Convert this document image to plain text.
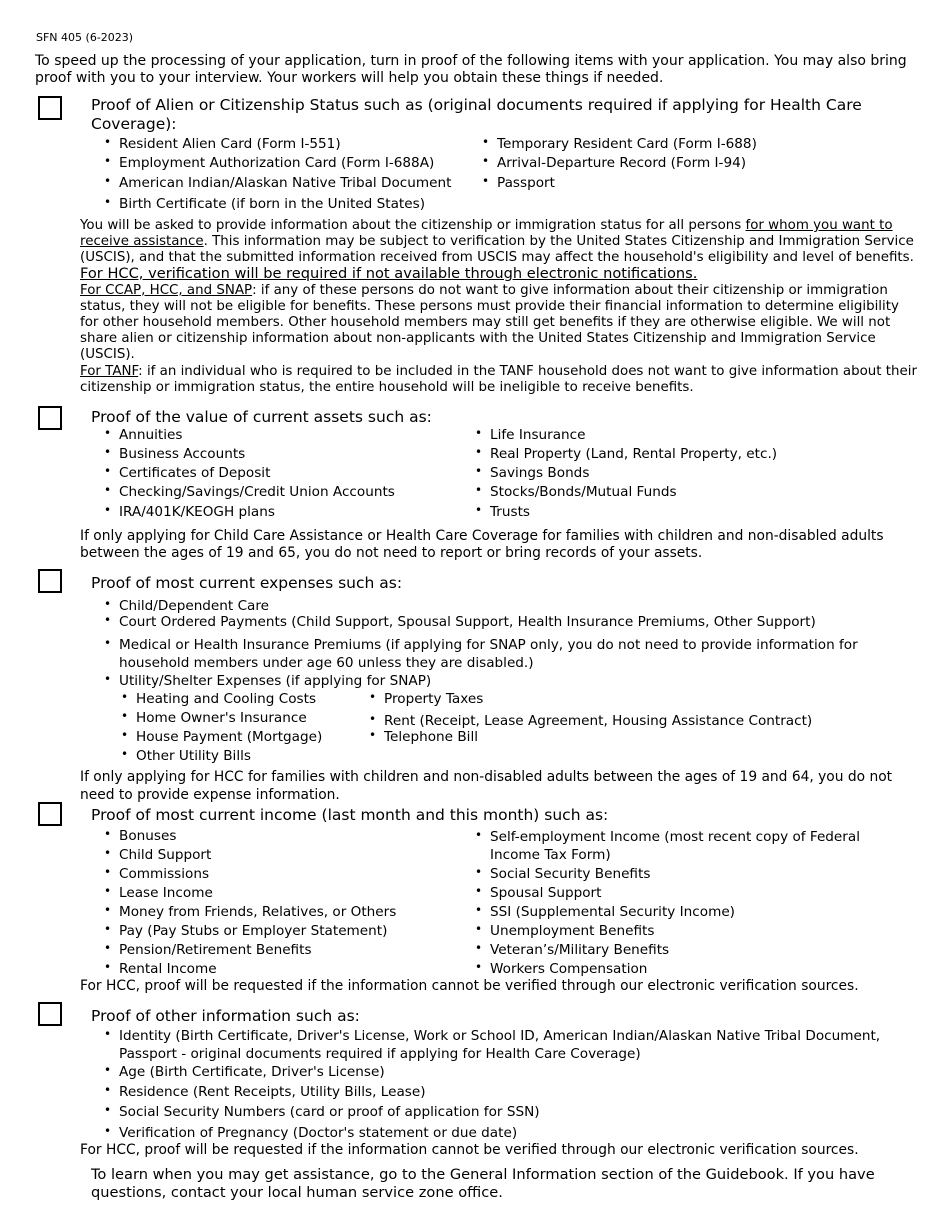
SFN 405 (6-2023)
To speed up the processing of your application, turn in proof of the following items with your application. You may also bring proof with you to your interview. Your workers will help you obtain these things if needed.
Proof of Alien or Citizenship Status such as (original documents required if applying for Health Care Coverage):
• Resident Alien Card (Form I-551)
• Employment Authorization Card (Form I-688A)
• American Indian/Alaskan Native Tribal Document
• Birth Certificate (if born in the United States)
• Temporary Resident Card (Form I-688)
• Arrival-Departure Record (Form I-94)
• Passport
You will be asked to provide information about the citizenship or immigration status for all persons for whom you want to receive assistance. This information may be subject to verification by the United States Citizenship and Immigration Service (USCIS), and that the submitted information received from USCIS may affect the household's eligibility and level of benefits. For HCC, verification will be required if not available through electronic notifications.
For CCAP, HCC, and SNAP: if any of these persons do not want to give information about their citizenship or immigration status, they will not be eligible for benefits. These persons must provide their financial information to determine eligibility for other household members. Other household members may still get benefits if they are otherwise eligible. We will not share alien or citizenship information about non-applicants with the United States Citizenship and Immigration Service (USCIS).
For TANF: if an individual who is required to be included in the TANF household does not want to give information about their citizenship or immigration status, the entire household will be ineligible to receive benefits.
Proof of the value of current assets such as:
• Annuities
• Business Accounts
• Certificates of Deposit
• Checking/Savings/Credit Union Accounts
• IRA/401K/KEOGH plans
• Life Insurance
• Real Property (Land, Rental Property, etc.)
• Savings Bonds
• Stocks/Bonds/Mutual Funds
• Trusts
If only applying for Child Care Assistance or Health Care Coverage for families with children and non-disabled adults between the ages of 19 and 65, you do not need to report or bring records of your assets.
Proof of most current expenses such as:
• Child/Dependent Care
• Court Ordered Payments (Child Support, Spousal Support, Health Insurance Premiums, Other Support)
• Medical or Health Insurance Premiums (if applying for SNAP only, you do not need to provide information for household members under age 60 unless they are disabled.)
• Utility/Shelter Expenses (if applying for SNAP)
• Heating and Cooling Costs
• Home Owner's Insurance
• House Payment (Mortgage)
• Other Utility Bills
• Property Taxes
• Rent (Receipt, Lease Agreement, Housing Assistance Contract)
• Telephone Bill
If only applying for HCC for families with children and non-disabled adults between the ages of 19 and 64, you do not need to provide expense information.
Proof of most current income (last month and this month) such as:
• Bonuses
• Child Support
• Commissions
• Lease Income
• Money from Friends, Relatives, or Others
• Pay (Pay Stubs or Employer Statement)
• Pension/Retirement Benefits
• Rental Income
• Self-employment Income (most recent copy of Federal Income Tax Form)
• Social Security Benefits
• Spousal Support
• SSI (Supplemental Security Income)
• Unemployment Benefits
• Veteran’s/Military Benefits
• Workers Compensation
For HCC, proof will be requested if the information cannot be verified through our electronic verification sources.
Proof of other information such as:
• Identity (Birth Certificate, Driver's License, Work or School ID, American Indian/Alaskan Native Tribal Document, Passport - original documents required if applying for Health Care Coverage)
• Age (Birth Certificate, Driver's License)
• Residence (Rent Receipts, Utility Bills, Lease)
• Social Security Numbers (card or proof of application for SSN)
• Verification of Pregnancy (Doctor's statement or due date)
For HCC, proof will be requested if the information cannot be verified through our electronic verification sources.
To learn when you may get assistance, go to the General Information section of the Guidebook. If you have questions, contact your local human service zone office.
